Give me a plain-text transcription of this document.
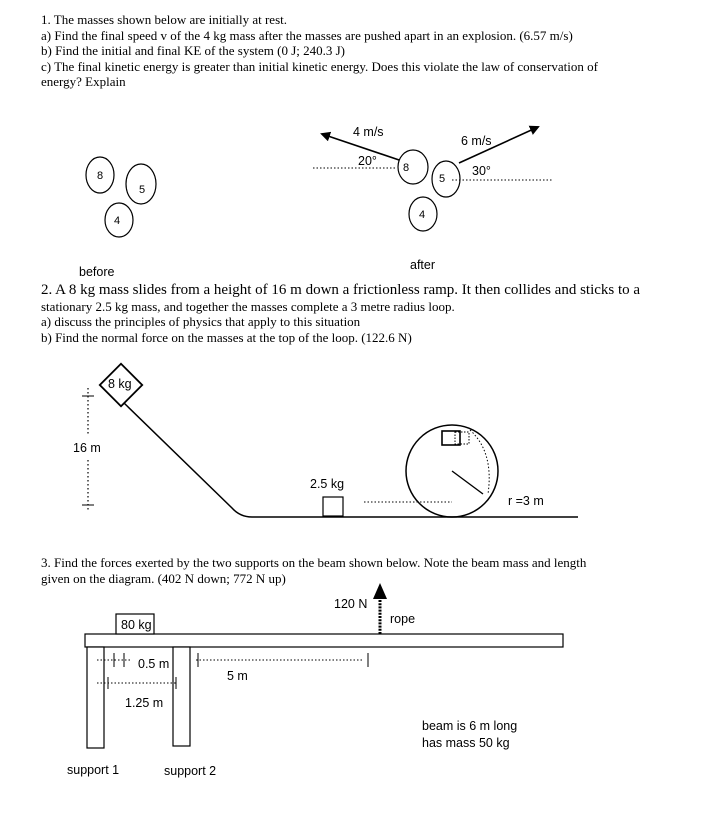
1. The masses shown below are initially at rest.
a) Find the final speed v of the 4 kg mass after the masses are pushed apart in an explosion. (6.57 m/s)
b) Find the initial and final KE of the system (0 J; 240.3 J)
c) The final kinetic energy is greater than initial kinetic energy. Does this violate the law of conservation of
energy? Explain
8
5
4
before
4 m/s
20° 8
5
6 m/s
30°
4
after
2. A 8 kg mass slides from a height of 16 m down a frictionless ramp. It then collides and sticks to a
stationary 2.5 kg mass, and together the masses complete a 3 metre radius loop.
a) discuss the principles of physics that apply to this situation
b) Find the normal force on the masses at the top of the loop. (122.6 N)
16 m
8 kg
2.5 kg
r =3 m
3. Find the forces exerted by the two supports on the beam shown below. Note the beam mass and length
given on the diagram. (402 N down; 772 N up)
80 kg
120 N
rope
0.5 m
5 m
1.25 m
beam is 6 m long
has mass 50 kg
support 1	support 2
